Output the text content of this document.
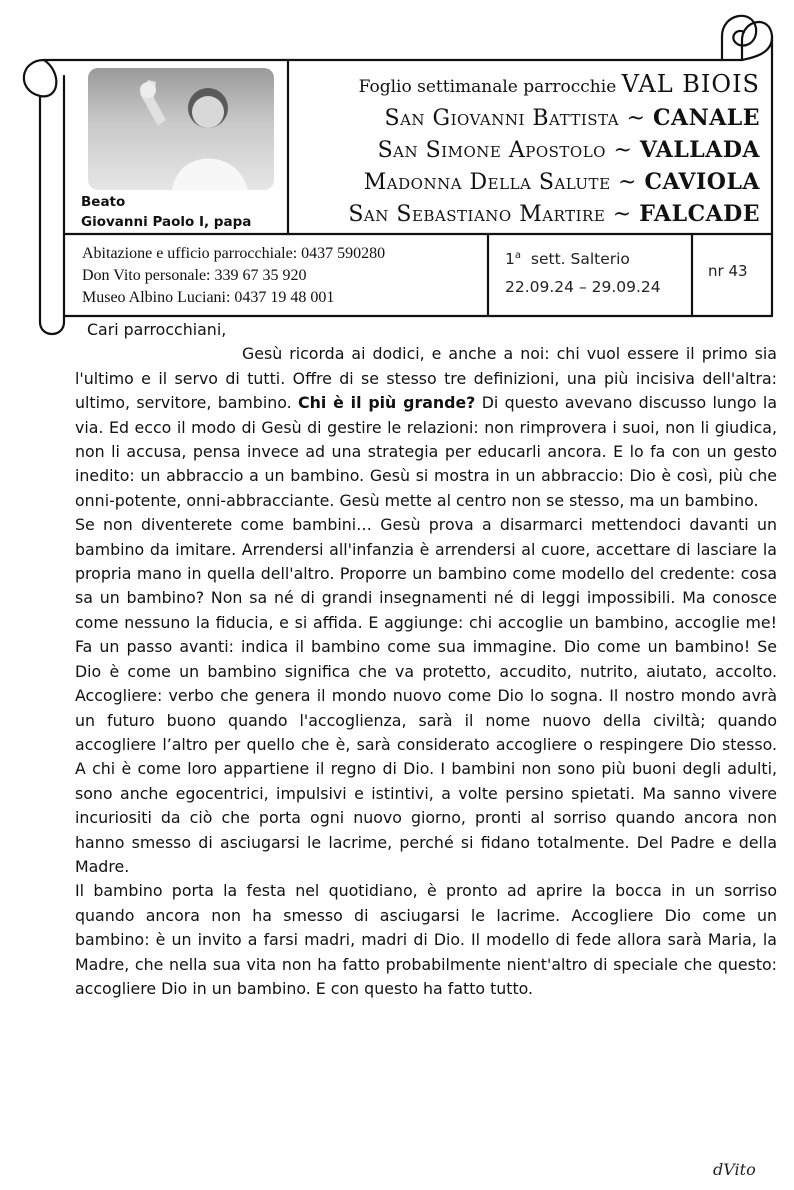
Beato
Giovanni Paolo I, papa
Foglio settimanale parrocchie VAL BIOIS
San Giovanni Battista ~ CANALE
San Simone Apostolo ~ VALLADA
Madonna Della Salute ~ CAVIOLA
San Sebastiano Martire ~ FALCADE
Abitazione e ufficio parrocchiale: 0437 590280
Don Vito personale: 339 67 35 920
Museo Albino Luciani: 0437 19 48 001
1$^a$ sett. Salterio
22.09.24 – 29.09.24
nr 43

Cari parrocchiani,

Gesù ricorda ai dodici, e anche a noi: chi vuol essere il primo sia l'ultimo e il servo di tutti. Offre di se stesso tre definizioni, una più incisiva dell'altra: ultimo, servitore, bambino. Chi è il più grande? Di questo avevano discusso lungo la via. Ed ecco il modo di Gesù di gestire le relazioni: non rimprovera i suoi, non li giudica, non li accusa, pensa invece ad una strategia per educarli ancora. E lo fa con un gesto inedito: un abbraccio a un bambino. Gesù si mostra in un abbraccio: Dio è così, più che onni-potente, onni-abbracciante. Gesù mette al centro non se stesso, ma un bambino.

Se non diventerete come bambini… Gesù prova a disarmarci mettendoci davanti un bambino da imitare. Arrendersi all'infanzia è arrendersi al cuore, accettare di lasciare la propria mano in quella dell'altro. Proporre un bambino come modello del credente: cosa sa un bambino? Non sa né di grandi insegnamenti né di leggi impossibili. Ma conosce come nessuno la fiducia, e si affida. E aggiunge: chi accoglie un bambino, accoglie me! Fa un passo avanti: indica il bambino come sua immagine. Dio come un bambino! Se Dio è come un bambino significa che va protetto, accudito, nutrito, aiutato, accolto. Accogliere: verbo che genera il mondo nuovo come Dio lo sogna. Il nostro mondo avrà un futuro buono quando l'accoglienza, sarà il nome nuovo della civiltà; quando accogliere l’altro per quello che è, sarà considerato accogliere o respingere Dio stesso. A chi è come loro appartiene il regno di Dio. I bambini non sono più buoni degli adulti, sono anche egocentrici, impulsivi e istintivi, a volte persino spietati. Ma sanno vivere incuriositi da ciò che porta ogni nuovo giorno, pronti al sorriso quando ancora non hanno smesso di asciugarsi le lacrime, perché si fidano totalmente. Del Padre e della Madre.

Il bambino porta la festa nel quotidiano, è pronto ad aprire la bocca in un sorriso quando ancora non ha smesso di asciugarsi le lacrime. Accogliere Dio come un bambino: è un invito a farsi madri, madri di Dio. Il modello di fede allora sarà Maria, la Madre, che nella sua vita non ha fatto probabilmente nient'altro di speciale che questo: accogliere Dio in un bambino. E con questo ha fatto tutto.

dVito
